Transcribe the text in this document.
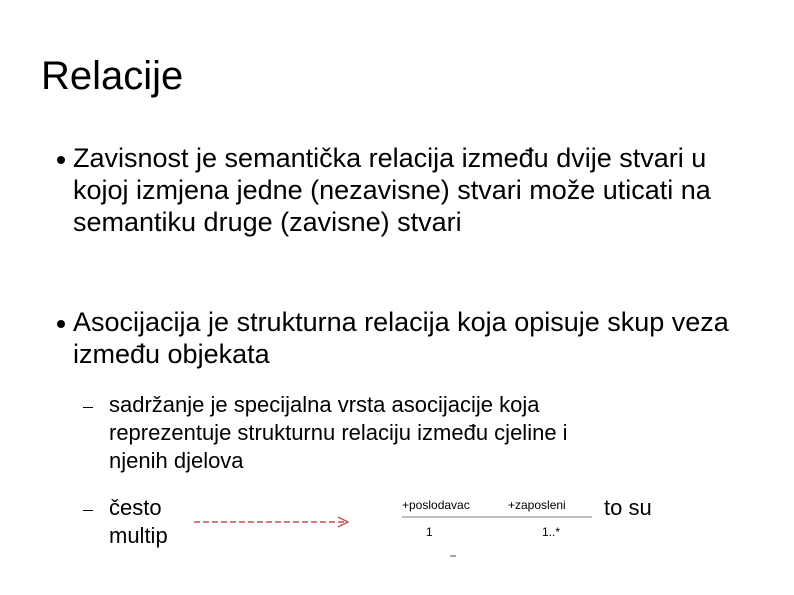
Relacije
Zavisnost je semantička relacija između dvije stvari u kojoj izmjena jedne (nezavisne) stvari može uticati na semantiku druge (zavisne) stvari
Asocijacija je strukturna relacija koja opisuje skup veza između objekata
sadržanje je specijalna vrsta asocijacije koja
reprezentuje strukturnu relaciju između cjeline i
njenih djelova
često
multip
to su
+poslodavac	+zaposleni
1	1..*
